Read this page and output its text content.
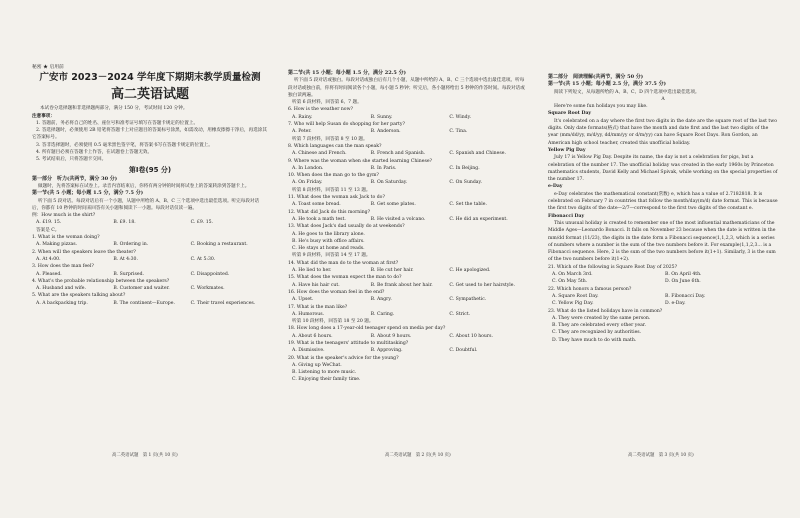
秘密 ★ 启用前
广安市 2023－2024 学年度下期期末教学质量检测
高二英语试题

本试卷分选择题和非选择题两部分，满分 150 分，考试时间 120 分钟。

注意事项：

1. 答题前，务必将自己的姓名、座位号和准考证号填写在答题卡规定的位置上。

2. 答选择题时，必须使用 2B 铅笔将答题卡上对应题目的答案标号涂黑，如需改动，用橡皮擦擦干净后，再选涂其它答案标号。

3. 答非选择题时，必须使用 0.5 毫米黑色签字笔，将答案书写在答题卡规定的位置上。

4. 所有题目必须在答题卡上作答，在试题卷上答题无效。

5. 考试结束后，只将答题卡交回。

第Ⅰ卷(95 分)

第一部分　听力(共两节，满分 30 分)

做题时，先将答案标在试卷上。录音内容结束后，你将有两分钟的时间将试卷上的答案转涂到答题卡上。

第一节(共 5 小题；每小题 1.5 分，满分 7.5 分)

听下面 5 段对话。每段对话后有一个小题，从题中所给的 A、B、C 三个选项中选出最佳选项。听完每段对话后，你都有 10 秒钟的时间来回答有关小题和阅读下一小题。每段对话仅读一遍。

例：How much is the shirt?

A. £19. 15.	B. £9. 18.	C. £9. 15.

答案是 C。

1. What is the woman doing?

A. Making pizzas.	B. Ordering in.	C. Booking a restaurant.

2. When will the speakers leave the theater?

A. At 4:00.	B. At 4:30.	C. At 5:30.

3. How does the man feel?

A. Pleased.	B. Surprised.	C. Disappointed.

4. What's the probable relationship between the speakers?

A. Husband and wife.	B. Customer and waiter.	C. Workmates.

5. What are the speakers talking about?

A. A backpacking trip.	B. The continent—Europe.	C. Their travel experiences.

第二节(共 15 小题；每小题 1.5 分，满分 22.5 分)

听下面 5 段对话或独白。每段对话或独白后有几个小题，从题中所给的 A、B、C 三个选项中选出最佳选项。听每段对话或独白前，你将有时间阅读各个小题，每小题 5 秒钟；听完后，各小题将给出 5 秒钟的作答时间。每段对话或独白读两遍。

听第 6 段材料，回答第 6、7 题。

6. How is the weather now?

A. Rainy.	B. Sunny.	C. Windy.

7. Who will help Susan do shopping for her party?

A. Peter.	B. Anderson.	C. Tina.

听第 7 段材料，回答第 8 至 10 题。

8. Which languages can the man speak?

A. Chinese and French.	B. French and Spanish.	C. Spanish and Chinese.

9. Where was the woman when she started learning Chinese?

A. In London.	B. In Paris.	C. In Beijing.

10. When does the man go to the gym?

A. On Friday.	B. On Saturday.	C. On Sunday.

听第 8 段材料，回答第 11 至 13 题。

11. What does the woman ask Jack to do?

A. Toast some bread.	B. Get some plates.	C. Set the table.

12. What did Jack do this morning?

A. He took a math test.	B. He visited a volcano.	C. He did an experiment.

13. What does Jack's dad usually do at weekends?

A. He goes to the library alone.

B. He's busy with office affairs.

C. He stays at home and reads.

听第 9 段材料，回答第 14 至 17 题。

14. What did the man do to the woman at first?

A. He lied to her.	B. He cut her hair.	C. He apologized.

15. What does the woman expect the man to do?

A. Have his hair cut.	B. Be frank about her hair.	C. Get used to her hairstyle.

16. How does the woman feel in the end?

A. Upset.	B. Angry.	C. Sympathetic.

17. What is the man like?

A. Humorous.	B. Caring.	C. Strict.

听第 10 段材料，回答第 18 至 20 题。

18. How long does a 17-year-old teenager spend on media per day?

A. About 6 hours.	B. About 9 hours.	C. About 10 hours.

19. What is the teenagers' attitude to multitasking?

A. Dismissive.	B. Approving.	C. Doubtful.

20. What is the speaker's advice for the young?

A. Giving up WeChat.

B. Listening to more music.

C. Enjoying their family time.

第二部分　阅读理解(共两节，满分 50 分)

第一节(共 15 小题；每小题 2.5 分，满分 37.5 分)

阅读下列短文，从每题所给的 A、B、C、D 四个选项中选出最佳选项。

A

Here're some fun holidays you may like.

Square Root Day

It's celebrated on a day where the first two digits in the date are the square root of the last two digits. Only date formats(格式) that have the month and date first and the last two digits of the year (mm/dd/yy, m/d/yy, dd/mm/yy or d/m/yy) can have Square Root Days. Ron Gordon, an American high school teacher, created this unofficial holiday.

Yellow Pig Day

July 17 is Yellow Pig Day. Despite its name, the day is not a celebration for pigs, but a celebration of the number 17. The unofficial holiday was created in the early 1960s by Princeton mathematics students, David Kelly and Michael Spivak, while working on the special properties of the number 17.

e-Day

e-Day celebrates the mathematical constant(常数) e, which has a value of 2.7182818. It is celebrated on February 7 in countries that follow the month/day(m/d) date format. This is because the first two digits of the date—2/7—correspond to the first two digits of the constant e.

Fibonacci Day

This unusual holiday is created to remember one of the most influential mathematicians of the Middle Ages—Leonardo Bonacci. It falls on November 23 because when the date is written in the mm/dd format (11/23), the digits in the date form a Fibonacci sequence(1,1,2,3, which is a series of numbers where a number is the sum of the two numbers before it. For example(1,1,2,3... is a Fibonacci sequence. Here, 2 is the sum of the two numbers before it(1+1). Similarly, 3 is the sum of the two numbers before it(1+2).

21. Which of the following is Square Root Day of 2025?

A. On March 3rd.	B. On April 4th.
C. On May 5th.	D. On June 6th.

22. Which honors a famous person?

A. Square Root Day.	B. Fibonacci Day.
C. Yellow Pig Day.	D. e-Day.

23. What do the listed holidays have in common?

A. They were created by the same person.

B. They are celebrated every other year.

C. They are recognized by authorities.

D. They have much to do with math.

高二英语试题　第 1 页(共 10 页)	高二英语试题　第 2 页(共 10 页)	高二英语试题　第 3 页(共 10 页)
